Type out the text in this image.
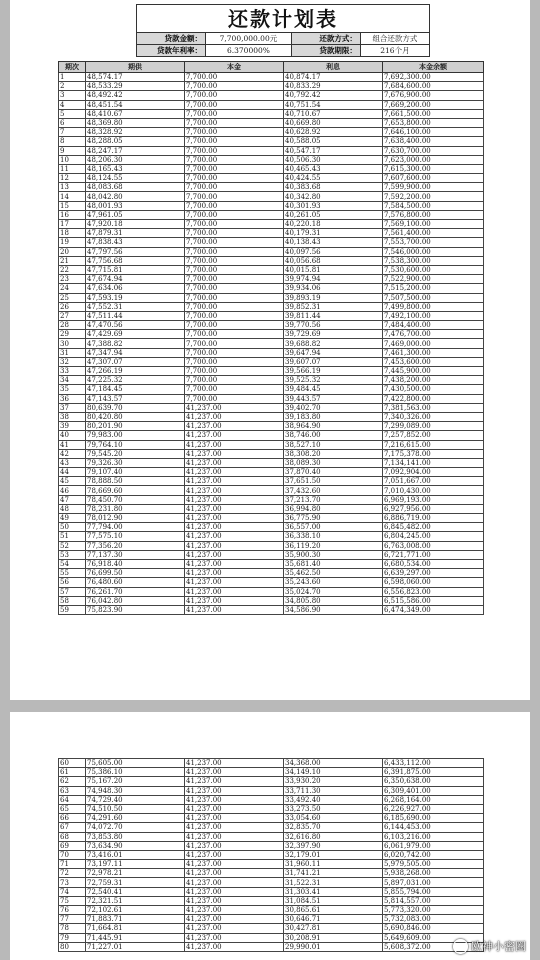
还款计划表
贷款金额：	7,700,000.00元	还款方式：	组合还款方式
贷款年利率：	6.370000%	贷款期限：	216个月
期次	期供	本金	利息	本金余额
1	48,574.17	7,700.00	40,874.17	7,692,300.00
2	48,533.29	7,700.00	40,833.29	7,684,600.00
3	48,492.42	7,700.00	40,792.42	7,676,900.00
4	48,451.54	7,700.00	40,751.54	7,669,200.00
5	48,410.67	7,700.00	40,710.67	7,661,500.00
6	48,369.80	7,700.00	40,669.80	7,653,800.00
7	48,328.92	7,700.00	40,628.92	7,646,100.00
8	48,288.05	7,700.00	40,588.05	7,638,400.00
9	48,247.17	7,700.00	40,547.17	7,630,700.00
10	48,206.30	7,700.00	40,506.30	7,623,000.00
11	48,165.43	7,700.00	40,465.43	7,615,300.00
12	48,124.55	7,700.00	40,424.55	7,607,600.00
13	48,083.68	7,700.00	40,383.68	7,599,900.00
14	48,042.80	7,700.00	40,342.80	7,592,200.00
15	48,001.93	7,700.00	40,301.93	7,584,500.00
16	47,961.05	7,700.00	40,261.05	7,576,800.00
17	47,920.18	7,700.00	40,220.18	7,569,100.00
18	47,879.31	7,700.00	40,179.31	7,561,400.00
19	47,838.43	7,700.00	40,138.43	7,553,700.00
20	47,797.56	7,700.00	40,097.56	7,546,000.00
21	47,756.68	7,700.00	40,056.68	7,538,300.00
22	47,715.81	7,700.00	40,015.81	7,530,600.00
23	47,674.94	7,700.00	39,974.94	7,522,900.00
24	47,634.06	7,700.00	39,934.06	7,515,200.00
25	47,593.19	7,700.00	39,893.19	7,507,500.00
26	47,552.31	7,700.00	39,852.31	7,499,800.00
27	47,511.44	7,700.00	39,811.44	7,492,100.00
28	47,470.56	7,700.00	39,770.56	7,484,400.00
29	47,429.69	7,700.00	39,729.69	7,476,700.00
30	47,388.82	7,700.00	39,688.82	7,469,000.00
31	47,347.94	7,700.00	39,647.94	7,461,300.00
32	47,307.07	7,700.00	39,607.07	7,453,600.00
33	47,266.19	7,700.00	39,566.19	7,445,900.00
34	47,225.32	7,700.00	39,525.32	7,438,200.00
35	47,184.45	7,700.00	39,484.45	7,430,500.00
36	47,143.57	7,700.00	39,443.57	7,422,800.00
37	80,639.70	41,237.00	39,402.70	7,381,563.00
38	80,420.80	41,237.00	39,183.80	7,340,326.00
39	80,201.90	41,237.00	38,964.90	7,299,089.00
40	79,983.00	41,237.00	38,746.00	7,257,852.00
41	79,764.10	41,237.00	38,527.10	7,216,615.00
42	79,545.20	41,237.00	38,308.20	7,175,378.00
43	79,326.30	41,237.00	38,089.30	7,134,141.00
44	79,107.40	41,237.00	37,870.40	7,092,904.00
45	78,888.50	41,237.00	37,651.50	7,051,667.00
46	78,669.60	41,237.00	37,432.60	7,010,430.00
47	78,450.70	41,237.00	37,213.70	6,969,193.00
48	78,231.80	41,237.00	36,994.80	6,927,956.00
49	78,012.90	41,237.00	36,775.90	6,886,719.00
50	77,794.00	41,237.00	36,557.00	6,845,482.00
51	77,575.10	41,237.00	36,338.10	6,804,245.00
52	77,356.20	41,237.00	36,119.20	6,763,008.00
53	77,137.30	41,237.00	35,900.30	6,721,771.00
54	76,918.40	41,237.00	35,681.40	6,680,534.00
55	76,699.50	41,237.00	35,462.50	6,639,297.00
56	76,480.60	41,237.00	35,243.60	6,598,060.00
57	76,261.70	41,237.00	35,024.70	6,556,823.00
58	76,042.80	41,237.00	34,805.80	6,515,586.00
59	75,823.90	41,237.00	34,586.90	6,474,349.00
60	75,605.00	41,237.00	34,368.00	6,433,112.00
61	75,386.10	41,237.00	34,149.10	6,391,875.00
62	75,167.20	41,237.00	33,930.20	6,350,638.00
63	74,948.30	41,237.00	33,711.30	6,309,401.00
64	74,729.40	41,237.00	33,492.40	6,268,164.00
65	74,510.50	41,237.00	33,273.50	6,226,927.00
66	74,291.60	41,237.00	33,054.60	6,185,690.00
67	74,072.70	41,237.00	32,835.70	6,144,453.00
68	73,853.80	41,237.00	32,616.80	6,103,216.00
69	73,634.90	41,237.00	32,397.90	6,061,979.00
70	73,416.01	41,237.00	32,179.01	6,020,742.00
71	73,197.11	41,237.00	31,960.11	5,979,505.00
72	72,978.21	41,237.00	31,741.21	5,938,268.00
73	72,759.31	41,237.00	31,522.31	5,897,031.00
74	72,540.41	41,237.00	31,303.41	5,855,794.00
75	72,321.51	41,237.00	31,084.51	5,814,557.00
76	72,102.61	41,237.00	30,865.61	5,773,320.00
77	71,883.71	41,237.00	30,646.71	5,732,083.00
78	71,664.81	41,237.00	30,427.81	5,690,846.00
79	71,445.91	41,237.00	30,208.91	5,649,609.00
80	71,227.01	41,237.00	29,990.01	5,608,372.00	欧神小密圈
